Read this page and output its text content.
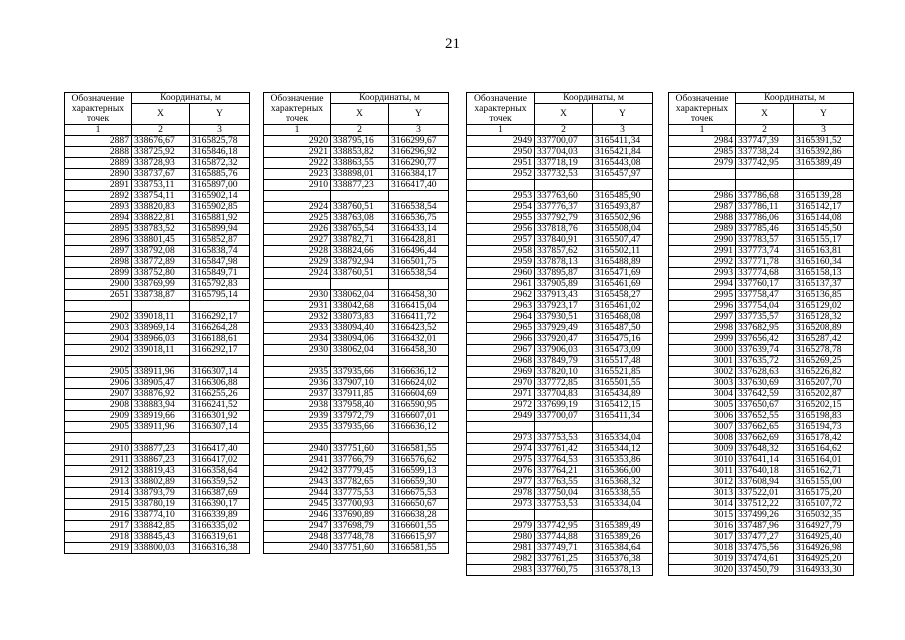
21
Обозначение характерных точек	Координаты, м	
	X	Y
1	2	3
2887	338676,67	3165825,78
2888	338725,92	3165846,18
2889	338728,93	3165872,32
2890	338737,67	3165885,76
2891	338753,11	3165897,00
2892	338754,11	3165902,14
2893	338820,83	3165902,85
2894	338822,81	3165881,92
2895	338783,52	3165899,94
2896	338801,45	3165852,87
2897	338792,08	3165838,74
2898	338772,89	3165847,98
2899	338752,80	3165849,71
2900	338769,99	3165792,83
2651	338738,87	3165795,14

2902	339018,11	3166292,17
2903	338969,14	3166264,28
2904	338966,03	3166188,61
2902	339018,11	3166292,17

2905	338911,96	3166307,14
2906	338905,47	3166306,88
2907	338876,92	3166255,26
2908	338883,94	3166241,52
2909	338919,66	3166301,92
2905	338911,96	3166307,14

2910	338877,23	3166417,40
2911	338867,23	3166417,02
2912	338819,43	3166358,64
2913	338802,89	3166359,52
2914	338793,79	3166387,69
2915	338780,19	3166390,17
2916	338774,10	3166339,89
2917	338842,85	3166335,02
2918	338845,43	3166319,61
2919	338800,03	3166316,38
Обозначение характерных точек	Координаты, м	
	X	Y
1	2	3
2920	338795,16	3166299,67
2921	338853,82	3166296,92
2922	338863,55	3166290,77
2923	338898,01	3166384,17
2910	338877,23	3166417,40

2924	338760,51	3166538,54
2925	338763,08	3166536,75
2926	338765,54	3166433,14
2927	338782,71	3166428,81
2928	338824,66	3166496,44
2929	338792,94	3166501,75
2924	338760,51	3166538,54

2930	338062,04	3166458,30
2931	338042,68	3166415,04
2932	338073,83	3166411,72
2933	338094,40	3166423,52
2934	338094,06	3166432,01
2930	338062,04	3166458,30

2935	337935,66	3166636,12
2936	337907,10	3166624,02
2937	337911,85	3166604,69
2938	337958,40	3166590,95
2939	337972,79	3166607,01
2935	337935,66	3166636,12

2940	337751,60	3166581,55
2941	337766,79	3166576,62
2942	337779,45	3166599,13
2943	337782,65	3166659,30
2944	337775,53	3166675,53
2945	337700,93	3166650,67
2946	337690,89	3166638,28
2947	337698,79	3166601,55
2948	337748,78	3166615,97
2940	337751,60	3166581,55
Обозначение характерных точек	Координаты, м	
	X	Y
1	2	3
2949	337700,07	3165411,34
2950	337704,03	3165421,84
2951	337718,19	3165443,08
2952	337732,53	3165457,97

2953	337763,60	3165485,90
2954	337776,37	3165493,87
2955	337792,79	3165502,96
2956	337818,76	3165508,04
2957	337840,91	3165507,47
2958	337857,62	3165502,11
2959	337878,13	3165488,89
2960	337895,87	3165471,69
2961	337905,89	3165461,69
2962	337913,43	3165458,27
2963	337923,17	3165461,02
2964	337930,51	3165468,08
2965	337929,49	3165487,50
2966	337920,47	3165475,16
2967	337906,03	3165473,09
2968	337849,79	3165517,48
2969	337820,10	3165521,85
2970	337772,85	3165501,55
2971	337704,83	3165434,89
2972	337699,19	3165412,15
2949	337700,07	3165411,34

2973	337753,53	3165334,04
2974	337761,42	3165344,12
2975	337764,53	3165353,86
2976	337764,21	3165366,00
2977	337763,55	3165368,32
2978	337750,04	3165338,55
2973	337753,53	3165334,04

2979	337742,95	3165389,49
2980	337744,88	3165389,26
2981	337749,71	3165384,64
2982	337761,25	3165376,38
2983	337760,75	3165378,13
Обозначение характерных точек	Координаты, м	
	X	Y
1	2	3
2984	337747,39	3165391,52
2985	337738,24	3165392,86
2979	337742,95	3165389,49

2986	337786,68	3165139,28
2987	337786,11	3165142,17
2988	337786,06	3165144,08
2989	337785,46	3165145,50
2990	337783,57	3165155,17
2991	337773,74	3165163,81
2992	337771,78	3165160,34
2993	337774,68	3165158,13
2994	337760,17	3165137,37
2995	337758,47	3165136,85
2996	337754,04	3165129,02
2997	337735,57	3165128,32
2998	337682,95	3165208,89
2999	337656,42	3165287,42
3000	337639,74	3165278,78
3001	337635,72	3165269,25
3002	337628,63	3165226,82
3003	337630,69	3165207,70
3004	337642,59	3165202,87
3005	337650,67	3165202,15
3006	337652,55	3165198,83
3007	337662,65	3165194,73
3008	337662,69	3165178,42
3009	337648,32	3165164,62
3010	337641,14	3165164,01
3011	337640,18	3165162,71
3012	337608,94	3165155,00
3013	337522,01	3165175,20
3014	337512,22	3165107,72
3015	337499,26	3165032,35
3016	337487,96	3164927,79
3017	337477,27	3164925,40
3018	337475,56	3164926,98
3019	337474,61	3164925,20
3020	337450,79	3164933,30
